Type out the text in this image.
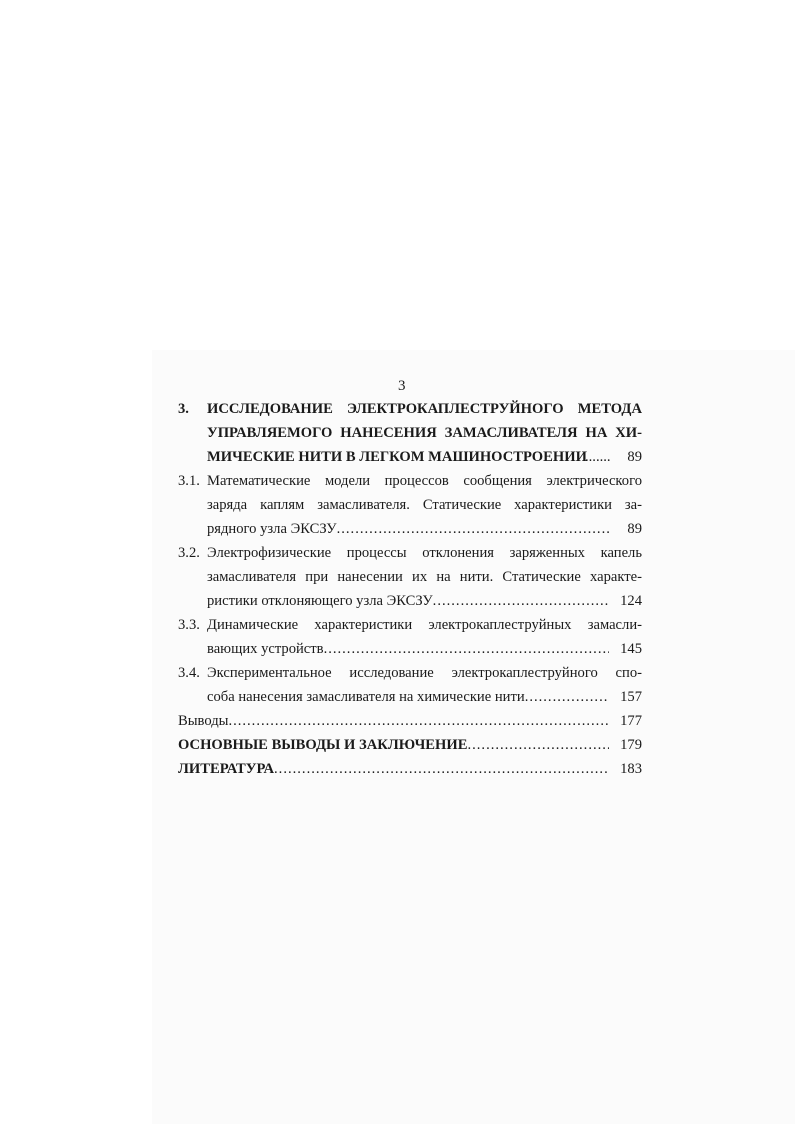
3
3. ИССЛЕДОВАНИЕ ЭЛЕКТРОКАПЛЕСТРУЙНОГО МЕТОДА
УПРАВЛЯЕМОГО НАНЕСЕНИЯ ЗАМАСЛИВАТЕЛЯ НА ХИ-
МИЧЕСКИЕ НИТИ В ЛЕГКОМ МАШИНОСТРОЕНИИ
....... 89
3.1. Математические модели процессов сообщения электрического
заряда каплям замасливателя. Статические характеристики за-
рядного узла ЭКСЗУ .....	89
3.2. Электрофизические процессы отклонения заряженных капель
замасливателя при нанесении их на нити. Статические характе-
ристики отклоняющего узла ЭКСЗУ .....	124
3.3. Динамические характеристики электрокаплеструйных замасли-
вающих устройств .....	145
3.4. Экспериментальное исследование электрокаплеструйного спо-
соба нанесения замасливателя на химические нити .....	157
Выводы .....	177
ОСНОВНЫЕ ВЫВОДЫ И ЗАКЛЮЧЕНИЕ .....	179
ЛИТЕРАТУРА .....	183
